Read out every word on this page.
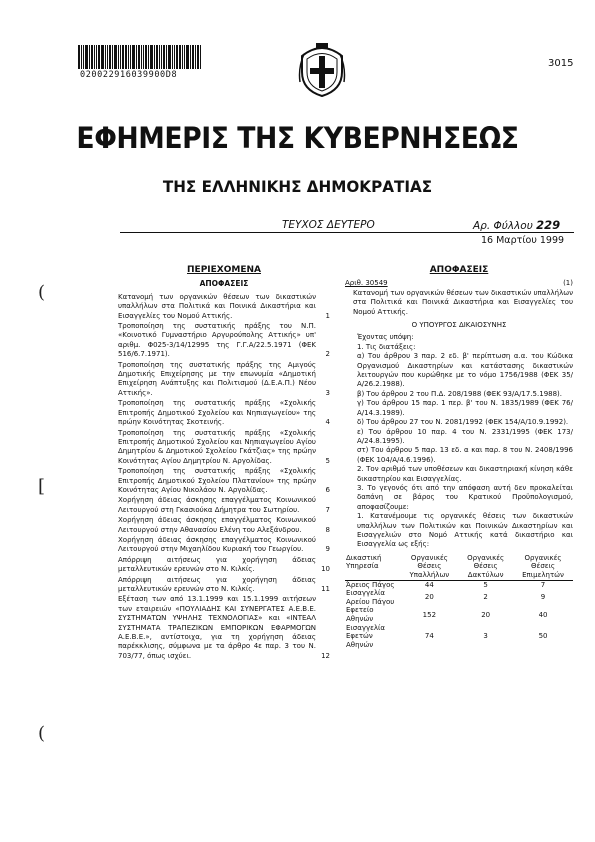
020022916039900D8
3015
ΕΦΗΜΕΡΙΣ ΤΗΣ ΚΥΒΕΡΝΗΣΕΩΣ
ΤΗΣ ΕΛΛΗΝΙΚΗΣ ΔΗΜΟΚΡΑΤΙΑΣ
ΤΕΥΧΟΣ ΔΕΥΤΕΡΟ	Αρ. Φύλλου 229
16 Μαρτίου 1999
(
[
(
ΠΕΡΙΕΧΟΜΕΝΑ
ΑΠΟΦΑΣΕΙΣ
Κατανομή των οργανικών θέσεων των δικαστικών υπαλλήλων στα Πολιτικά και Ποινικά Δικαστήρια και Εισαγγελίες του Νομού Αττικής.	1
Τροποποίηση της συστατικής πράξης του Ν.Π. «Κοινοτικό Γυμναστήριο Αργυρούπολης Αττικής» υπ' αριθμ. Φ025-3/14/12995 της Γ.Γ.Α/22.5.1971 (ΦΕΚ 516/6.7.1971).	2
Τροποποίηση της συστατικής πράξης της Αμιγούς Δημοτικής Επιχείρησης με την επωνυμία «Δημοτική Επιχείρηση Ανάπτυξης και Πολιτισμού (Δ.Ε.Α.Π.) Νέου Αττικής».	3
Τροποποίηση της συστατικής πράξης «Σχολικής Επιτροπής Δημοτικού Σχολείου και Νηπιαγωγείου» της πρώην Κοινότητας Σκοτεινής.	4
Τροποποίηση της συστατικής πράξης «Σχολικής Επιτροπής Δημοτικού Σχολείου και Νηπιαγωγείου Αγίου Δημητρίου & Δημοτικού Σχολείου Γκάτζιας» της πρώην Κοινότητας Αγίου Δημητρίου Ν. Αργολίδας.	5
Τροποποίηση της συστατικής πράξης «Σχολικής Επιτροπής Δημοτικού Σχολείου Πλατανίου» της πρώην Κοινότητας Αγίου Νικολάου Ν. Αργολίδας.	6
Χορήγηση άδειας άσκησης επαγγέλματος Κοινωνικού Λειτουργού στη Γκασιούκα Δήμητρα του Σωτηρίου.	7
Χορήγηση άδειας άσκησης επαγγέλματος Κοινωνικού Λειτουργού στην Αθανασίου Ελένη του Αλεξάνδρου.	8
Χορήγηση άδειας άσκησης επαγγέλματος Κοινωνικού Λειτουργού στην Μιχαηλίδου Κυριακή του Γεωργίου.	9
Απόρριψη αιτήσεως για χορήγηση άδειας μεταλλευτικών ερευνών στο Ν. Κιλκίς.	10
Απόρριψη αιτήσεως για χορήγηση άδειας μεταλλευτικών ερευνών στο Ν. Κιλκίς.	11
Εξέταση των από 13.1.1999 και 15.1.1999 αιτήσεων των εταιρειών «ΠΟΥΛΙΑΔΗΣ ΚΑΙ ΣΥΝΕΡΓΑΤΕΣ Α.Ε.Β.Ε. ΣΥΣΤΗΜΑΤΩΝ ΥΨΗΛΗΣ ΤΕΧΝΟΛΟΓΙΑΣ» και «ΙΝΤΕΑΛ ΣΥΣΤΗΜΑΤΑ ΤΡΑΠΕΖΙΚΩΝ ΕΜΠΟΡΙΚΩΝ ΕΦΑΡΜΟΓΩΝ Α.Ε.Β.Ε.», αντίστοιχα, για τη χορήγηση άδειας παρέκκλισης, σύμφωνα με τα άρθρο 4ε παρ. 3 του Ν. 703/77, όπως ισχύει.	12
ΑΠΟΦΑΣΕΙΣ
Αριθ. 30549	(1)
Κατανομή των οργανικών θέσεων των δικαστικών υπαλλήλων στα Πολιτικά και Ποινικά Δικαστήρια και Εισαγγελίες του Νομού Αττικής.
Ο ΥΠΟΥΡΓΟΣ ΔΙΚΑΙΟΣΥΝΗΣ
Έχοντας υπόψη:
1. Τις διατάξεις:
α) Του άρθρου 3 παρ. 2 εδ. β' περίπτωση α.α. του Κώδικα Οργανισμού Δικαστηρίων και κατάστασης δικαστικών λειτουργών που κυρώθηκε με το νόμο 1756/1988 (ΦΕΚ 35/Α/26.2.1988).
β) Του άρθρου 2 του Π.Δ. 208/1988 (ΦΕΚ 93/Α/17.5.1988).
γ) Του άρθρου 15 παρ. 1 περ. β' του Ν. 1835/1989 (ΦΕΚ 76/Α/14.3.1989).
δ) Του άρθρου 27 του Ν. 2081/1992 (ΦΕΚ 154/Α/10.9.1992).
ε) Του άρθρου 10 παρ. 4 του Ν. 2331/1995 (ΦΕΚ 173/Α/24.8.1995).
στ) Του άρθρου 5 παρ. 13 εδ. α και παρ. 8 του Ν. 2408/1996 (ΦΕΚ 104/Α/4.6.1996).
2. Τον αριθμό των υποθέσεων και δικαστηριακή κίνηση κάθε δικαστηρίου και Εισαγγελίας.
3. Το γεγονός ότι από την απόφαση αυτή δεν προκαλείται δαπάνη σε βάρος του Κρατικού Προϋπολογισμού, αποφασίζουμε:
1. Κατανέμουμε τις οργανικές θέσεις των δικαστικών υπαλλήλων των Πολιτικών και Ποινικών Δικαστηρίων και Εισαγγελιών στο Νομό Αττικής κατά δικαστήριο και Εισαγγελία ως εξής:
Δικαστική Υπηρεσία	Οργανικές Θέσεις Υπαλλήλων	Οργανικές Θέσεις Δακτύλων	Οργανικές Θέσεις Επιμελητών
Άρειος Πάγος	44	5	7
Εισαγγελία Αρείου Πάγου	20	2	9
Εφετείο Αθηνών	152	20	40
Εισαγγελία Εφετών Αθηνών	74	3	50
